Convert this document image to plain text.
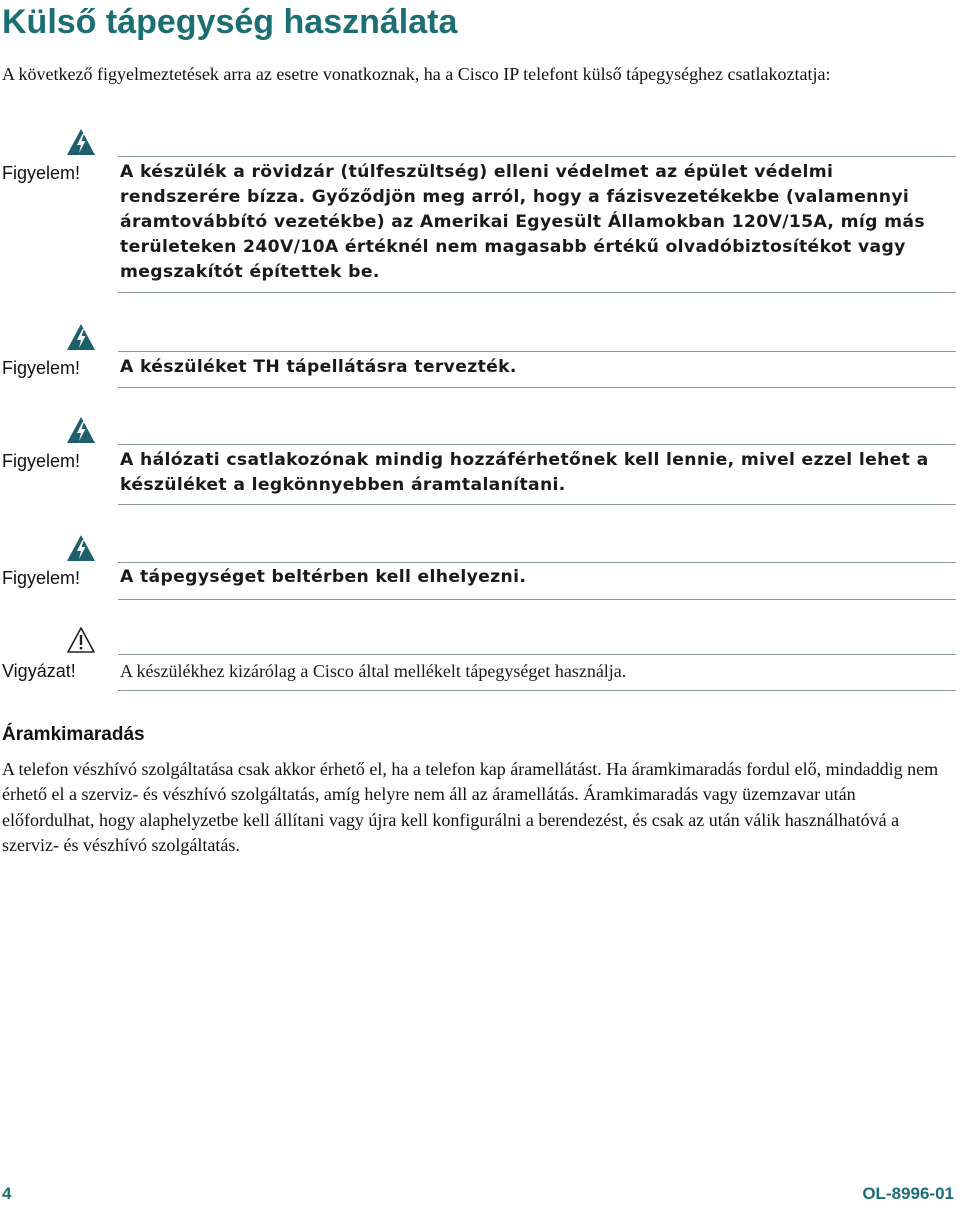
Külső tápegység használata

A következő figyelmeztetések arra az esetre vonatkoznak, ha a Cisco IP telefont külső tápegységhez csatlakoztatja:

Figyelem! A készülék a rövidzár (túlfeszültség) elleni védelmet az épület védelmi rendszerére bízza. Győződjön meg arról, hogy a fázisvezetékekbe (valamennyi áramtovábbító vezetékbe) az Amerikai Egyesült Államokban 120V/15A, míg más területeken 240V/10A értéknél nem magasabb értékű olvadóbiztosítékot vagy megszakítót építettek be.
Figyelem! A készüléket TH tápellátásra tervezték.
Figyelem! A hálózati csatlakozónak mindig hozzáférhetőnek kell lennie, mivel ezzel lehet a készüléket a legkönnyebben áramtalanítani.
Figyelem! A tápegységet beltérben kell elhelyezni.
Vigyázat! A készülékhez kizárólag a Cisco által mellékelt tápegységet használja.
Áramkimaradás

A telefon vészhívó szolgáltatása csak akkor érhető el, ha a telefon kap áramellátást. Ha áramkimaradás fordul elő, mindaddig nem érhető el a szerviz- és vészhívó szolgáltatás, amíg helyre nem áll az áramellátás. Áramkimaradás vagy üzemzavar után előfordulhat, hogy alaphelyzetbe kell állítani vagy újra kell konfigurálni a berendezést, és csak az után válik használhatóvá a szerviz- és vészhívó szolgáltatás.

4	OL-8996-01
